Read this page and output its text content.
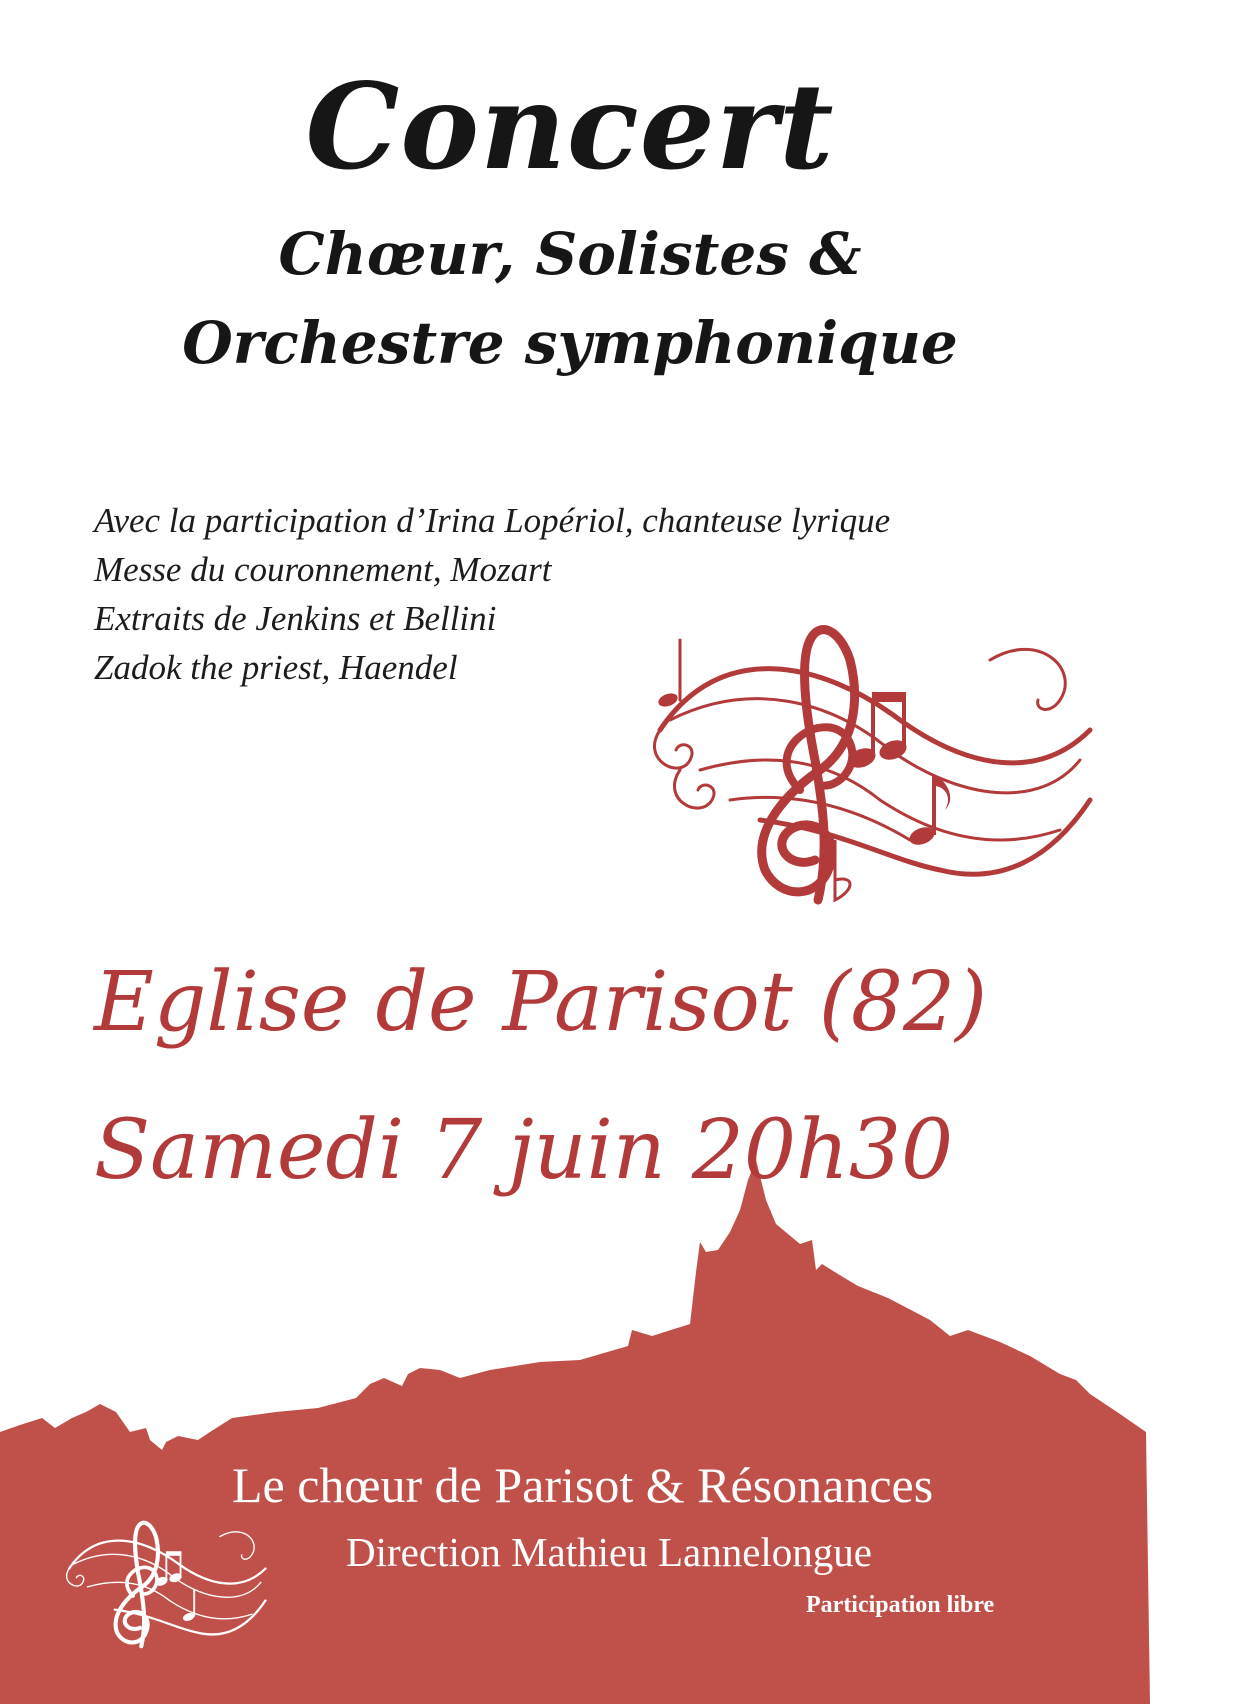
Concert
Chœur, Solistes &
Orchestre symphonique
Avec la participation d’Irina Lopériol, chanteuse lyrique
Messe du couronnement, Mozart
Extraits de Jenkins et Bellini
Zadok the priest, Haendel
Eglise de Parisot (82)
Samedi 7 juin 20h30
Le chœur de Parisot & Résonances
Direction Mathieu Lannelongue
Participation libre
